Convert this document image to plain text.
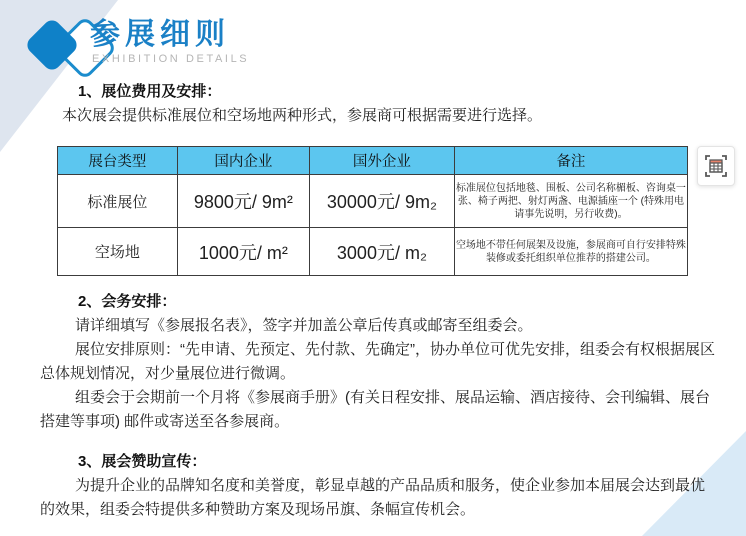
参展细则
EXHIBITION DETAILS
1、展位费用及安排：

本次展会提供标准展位和空场地两种形式，参展商可根据需要进行选择。

展台类型	国内企业	国外企业	备注
标准展位	9800元/ 9m²	30000元/ 9m₂	标准展位包括地毯、围板、公司名称楣板、咨询桌一张、椅子两把、射灯两盏、电源插座一个 (特殊用电请事先说明，另行收费)。
空场地	1000元/ m²	3000元/ m₂	空场地不带任何展架及设施，参展商可自行安排特殊装修或委托组织单位推荐的搭建公司。
2、会务安排：

请详细填写《参展报名表》，签字并加盖公章后传真或邮寄至组委会。

展位安排原则：“先申请、先预定、先付款、先确定”，协办单位可优先安排，组委会有权根据展区总体规划情况，对少量展位进行微调。

组委会于会期前一个月将《参展商手册》(有关日程安排、展品运输、酒店接待、会刊编辑、展台搭建等事项) 邮件或寄送至各参展商。

3、展会赞助宣传：

为提升企业的品牌知名度和美誉度，彰显卓越的产品品质和服务，使企业参加本届展会达到最优的效果，组委会特提供多种赞助方案及现场吊旗、条幅宣传机会。
